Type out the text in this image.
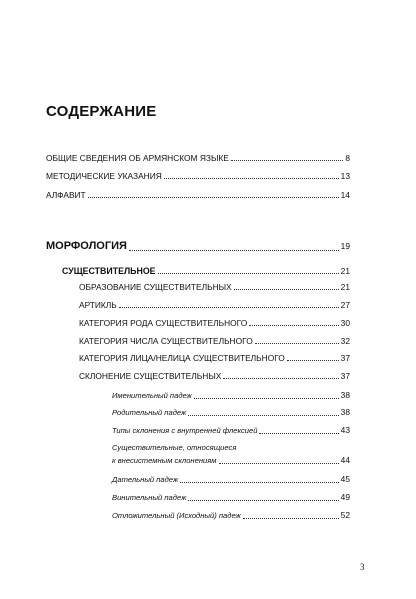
СОДЕРЖАНИЕ
ОБЩИЕ СВЕДЕНИЯ ОБ АРМЯНСКОМ ЯЗЫКЕ	8
МЕТОДИЧЕСКИЕ УКАЗАНИЯ	13
АЛФАВИТ	14
МОРФОЛОГИЯ	19
СУЩЕСТВИТЕЛЬНОЕ	21
ОБРАЗОВАНИЕ СУЩЕСТВИТЕЛЬНЫХ	21
АРТИКЛЬ	27
КАТЕГОРИЯ РОДА СУЩЕСТВИТЕЛЬНОГО	30
КАТЕГОРИЯ ЧИСЛА СУЩЕСТВИТЕЛЬНОГО	32
КАТЕГОРИЯ ЛИЦА/НЕЛИЦА СУЩЕСТВИТЕЛЬНОГО	37
СКЛОНЕНИЕ СУЩЕСТВИТЕЛЬНЫХ	37
Именительный падеж	38
Родительный падеж	38
Типы склонения с внутренней флексией	43
Существительные, относящиеся
к внесистемным склонениям	44
Дательный падеж	45
Винительный падеж	49
Отложительный (Исходный) падеж	52
3
